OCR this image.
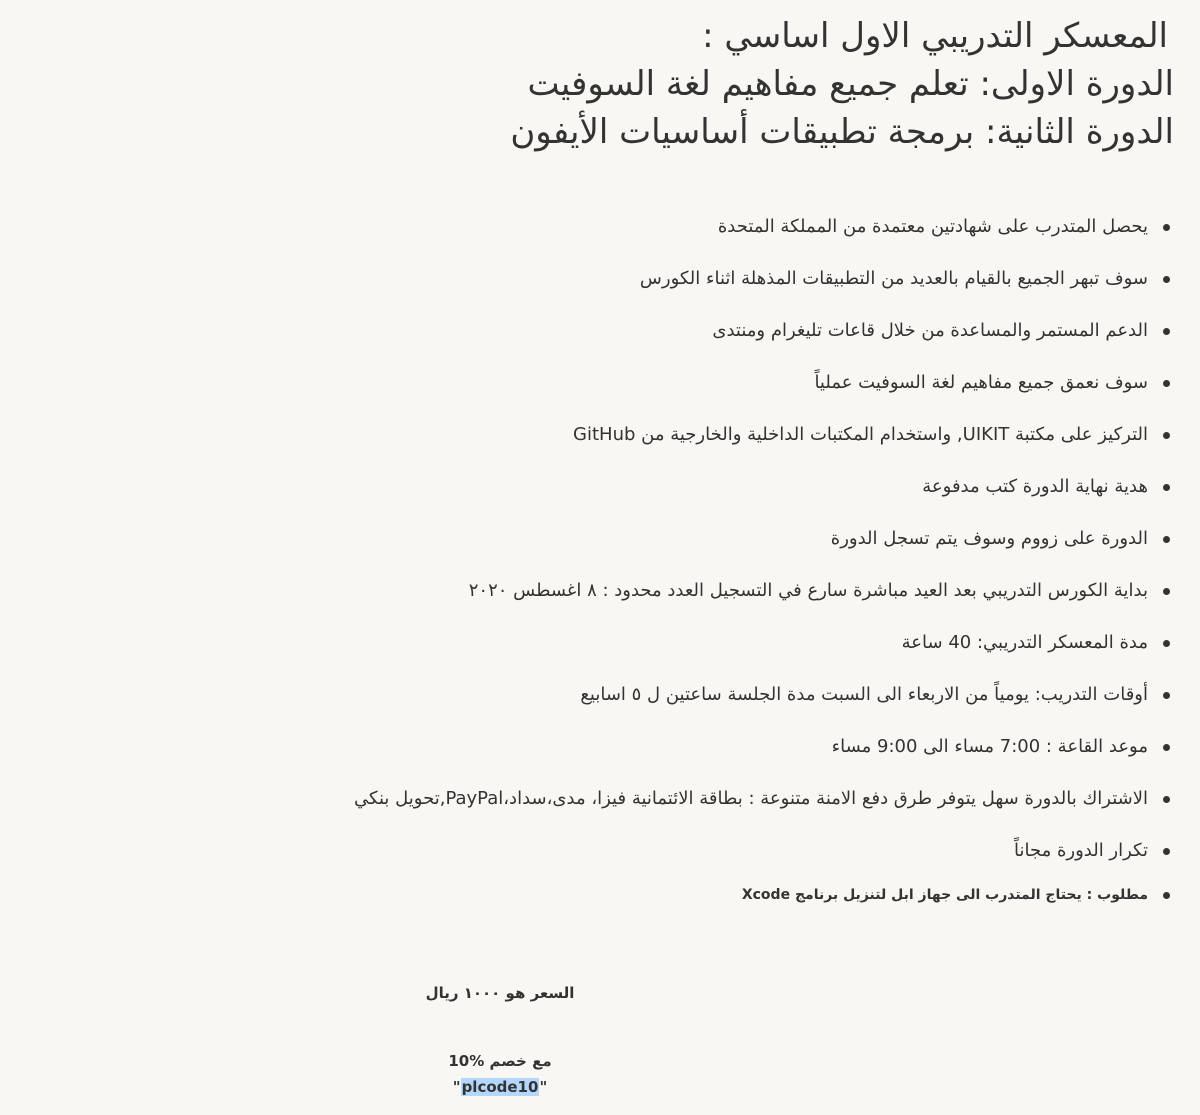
المعسكر التدريبي الاول اساسي :
الدورة الاولى: تعلم جميع مفاهيم لغة السوفيت
الدورة الثانية: برمجة تطبيقات أساسيات الأيفون
يحصل المتدرب على شهادتين معتمدة من المملكة المتحدة
سوف تبهر الجميع بالقيام بالعديد من التطبيقات المذهلة اثناء الكورس
الدعم المستمر والمساعدة من خلال قاعات تليغرام ومنتدى
سوف نعمق جميع مفاهيم لغة السوفيت عملياً
التركيز على مكتبة UIKIT, واستخدام المكتبات الداخلية والخارجية من GitHub
هدية نهاية الدورة كتب مدفوعة
الدورة على زووم وسوف يتم تسجل الدورة
بداية الكورس التدريبي بعد العيد مباشرة سارع في التسجيل العدد محدود : ٨ اغسطس ٢٠٢٠
مدة المعسكر التدريبي: 40 ساعة
أوقات التدريب: يومياً من الاربعاء الى السبت مدة الجلسة ساعتين ل ٥ اسابيع
موعد القاعة : 7:00 مساء الى 9:00 مساء
الاشتراك بالدورة سهل يتوفر طرق دفع الامنة متنوعة : بطاقة الائتمانية فيزا، مدى،سداد،PayPal,تحويل بنكي
تكرار الدورة مجاناً
مطلوب : يحتاج المتدرب الى جهاز ابل لتنزيل برنامج Xcode
السعر هو ١٠٠٠ ريال
مع خصم %10
"plcode10"
